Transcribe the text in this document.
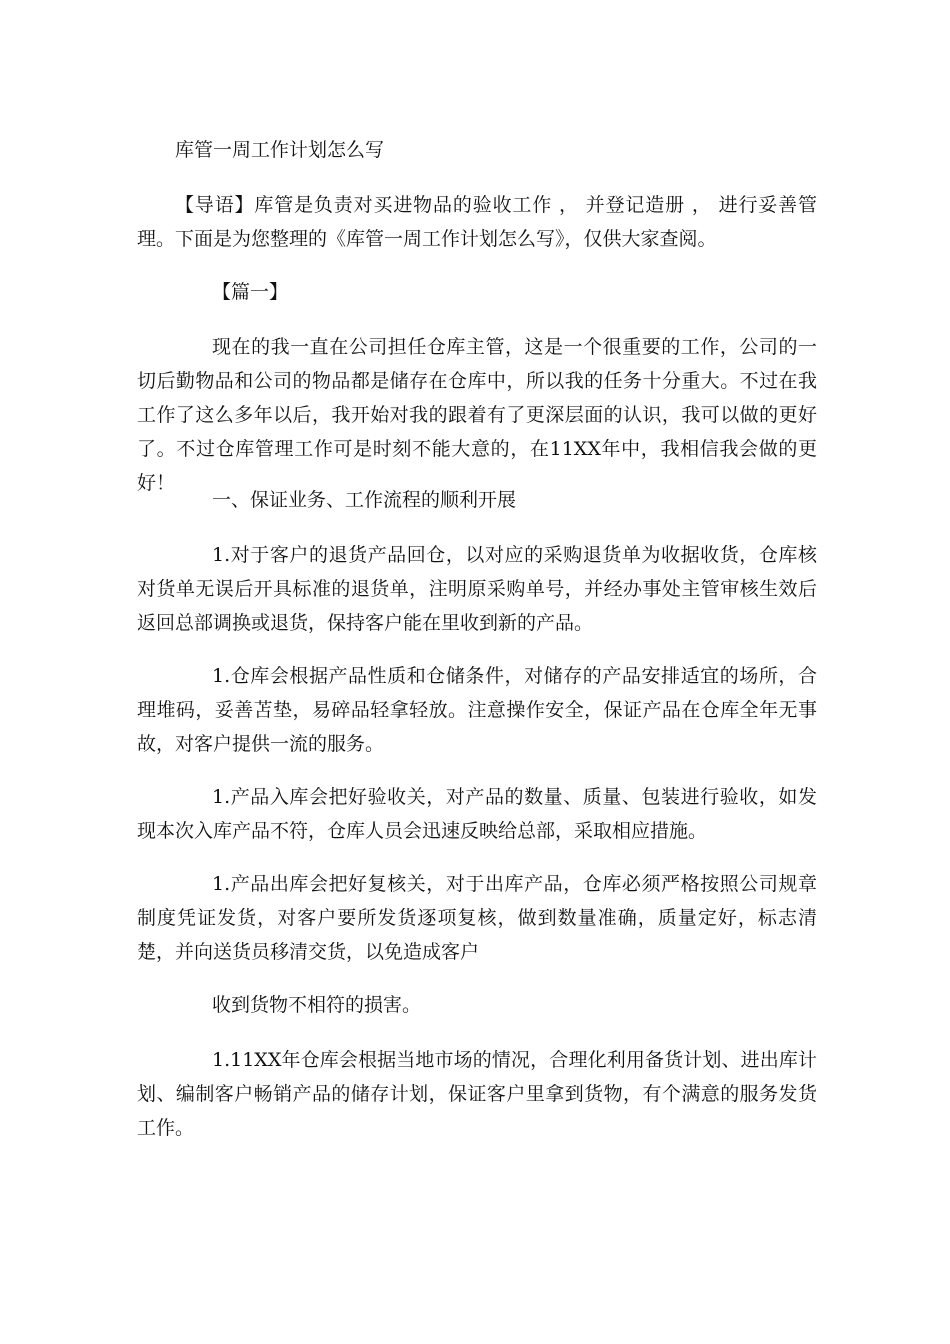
库管一周工作计划怎么写
【导语】库管是负责对买进物品的验收工作 ， 并登记造册 ， 进行妥善管理。下面是为您整理的《库管一周工作计划怎么写》，仅供大家查阅。
【篇一】
现在的我一直在公司担任仓库主管，这是一个很重要的工作，公司的一切后勤物品和公司的物品都是储存在仓库中，所以我的任务十分重大。不过在我工作了这么多年以后，我开始对我的跟着有了更深层面的认识，我可以做的更好了。不过仓库管理工作可是时刻不能大意的，在11XX年中，我相信我会做的更好！
一、保证业务、工作流程的顺利开展
1.对于客户的退货产品回仓，以对应的采购退货单为收据收货，仓库核对货单无误后开具标准的退货单，注明原采购单号，并经办事处主管审核生效后返回总部调换或退货，保持客户能在里收到新的产品。
1.仓库会根据产品性质和仓储条件，对储存的产品安排适宜的场所，合理堆码，妥善苫垫，易碎品轻拿轻放。注意操作安全，保证产品在仓库全年无事故，对客户提供一流的服务。
1.产品入库会把好验收关，对产品的数量、质量、包装进行验收，如发现本次入库产品不符，仓库人员会迅速反映给总部，采取相应措施。
1.产品出库会把好复核关，对于出库产品，仓库必须严格按照公司规章制度凭证发货，对客户要所发货逐项复核，做到数量准确，质量定好，标志清楚，并向送货员移清交货，以免造成客户
收到货物不相符的损害。
1.11XX年仓库会根据当地市场的情况，合理化利用备货计划、进出库计划、编制客户畅销产品的储存计划，保证客户里拿到货物，有个满意的服务发货工作。
